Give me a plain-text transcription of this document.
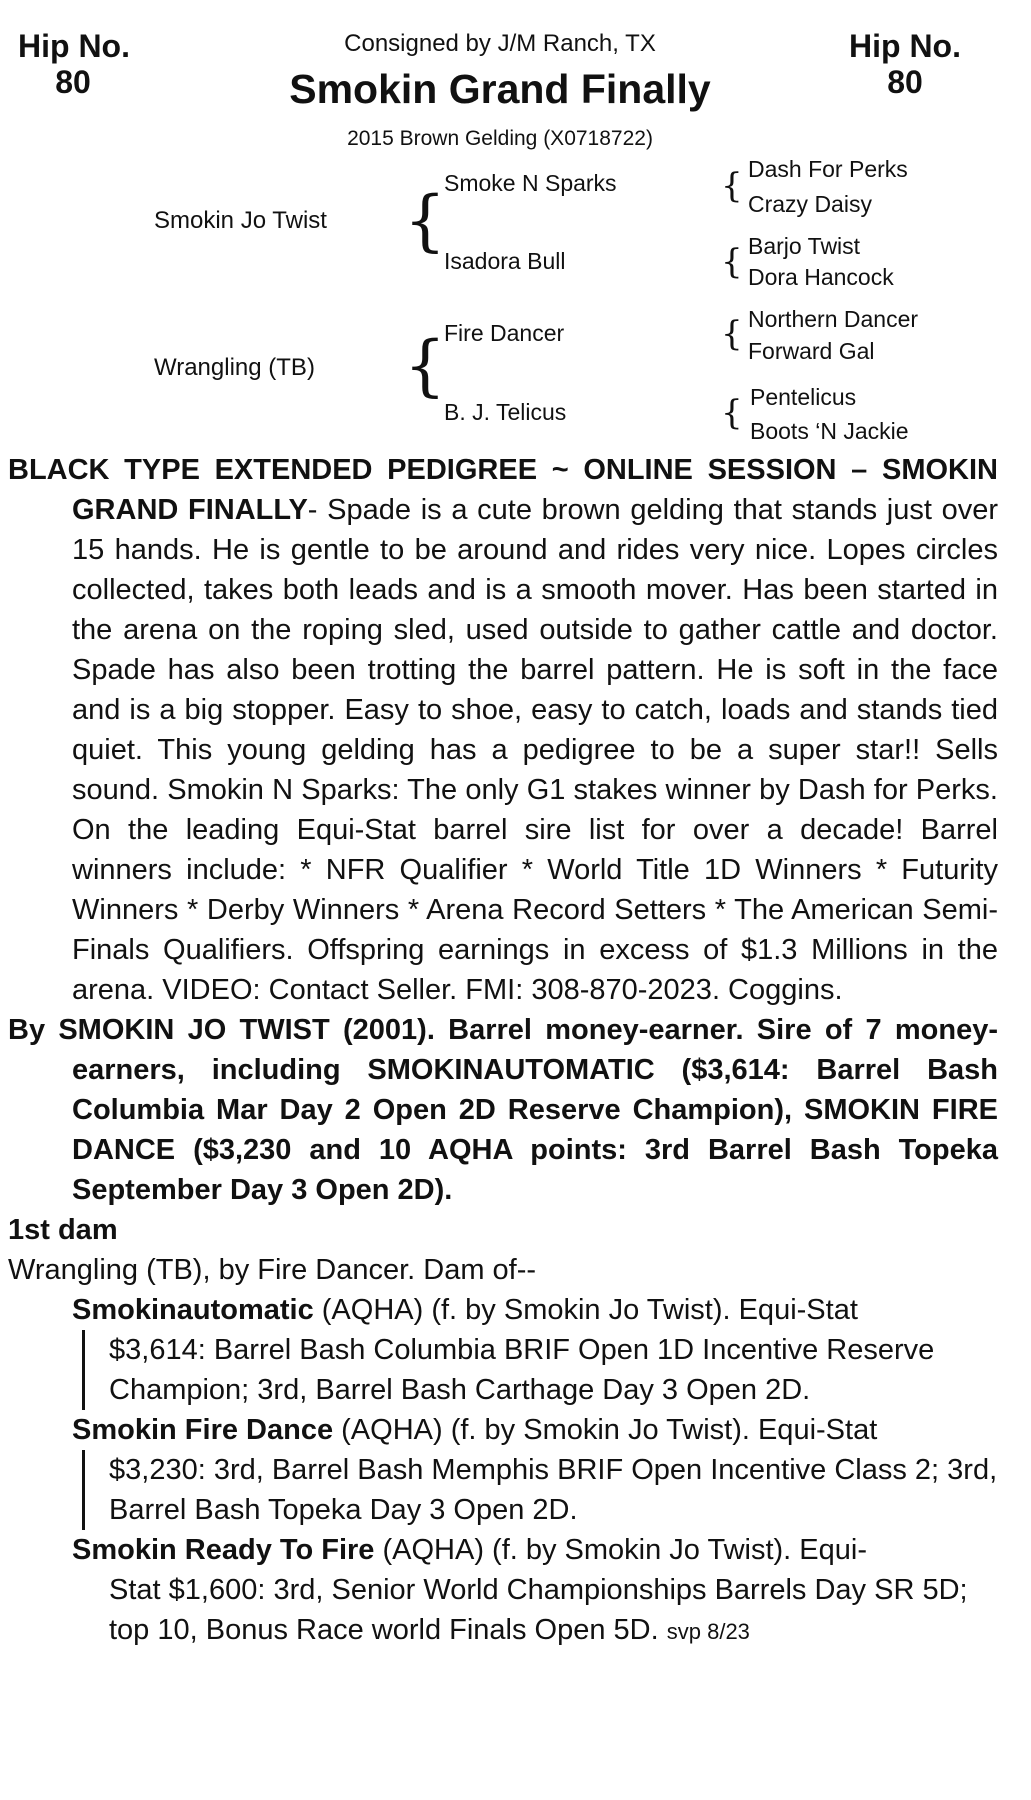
Hip No.
80
Hip No.
80
Consigned by J/M Ranch, TX
Smokin Grand Finally
2015 Brown Gelding (X0718722)
Smokin Jo Twist {
Wrangling (TB) {
Smoke N Sparks
Isadora Bull
Fire Dancer
B. J. Telicus
{ Dash For Perks
Crazy Daisy
{ Barjo Twist
Dora Hancock
{ Northern Dancer
Forward Gal
{ Pentelicus
Boots ‘N Jackie

BLACK TYPE EXTENDED PEDIGREE ~ ONLINE SESSION – SMOKIN GRAND FINALLY- Spade is a cute brown gelding that stands just over 15 hands. He is gentle to be around and rides very nice. Lopes circles collected, takes both leads and is a smooth mover. Has been started in the arena on the roping sled, used outside to gather cattle and doctor. Spade has also been trotting the barrel pattern. He is soft in the face and is a big stopper. Easy to shoe, easy to catch, loads and stands tied quiet. This young gelding has a pedigree to be a super star!! Sells sound. Smokin N Sparks: The only G1 stakes winner by Dash for Perks. On the leading Equi-Stat barrel sire list for over a decade! Barrel winners include: * NFR Qualifier * World Title 1D Winners * Futurity Winners * Derby Winners * Arena Record Setters * The American Semi-Finals Qualifiers. Offspring earnings in excess of $1.3 Millions in the arena. VIDEO: Contact Seller. FMI: 308-870-2023. Coggins.

By SMOKIN JO TWIST (2001). Barrel money-earner. Sire of 7 money-earners, including SMOKINAUTOMATIC ($3,614: Barrel Bash Columbia Mar Day 2 Open 2D Reserve Champion), SMOKIN FIRE DANCE ($3,230 and 10 AQHA points: 3rd Barrel Bash Topeka September Day 3 Open 2D).

1st dam
Wrangling (TB), by Fire Dancer. Dam of--
Smokinautomatic (AQHA) (f. by Smokin Jo Twist). Equi-Stat
$3,614: Barrel Bash Columbia BRIF Open 1D Incentive Reserve Champion; 3rd, Barrel Bash Carthage Day 3 Open 2D.
Smokin Fire Dance (AQHA) (f. by Smokin Jo Twist). Equi-Stat
$3,230: 3rd, Barrel Bash Memphis BRIF Open Incentive Class 2; 3rd, Barrel Bash Topeka Day 3 Open 2D.
Smokin Ready To Fire (AQHA) (f. by Smokin Jo Twist). Equi-
Stat $1,600: 3rd, Senior World Championships Barrels Day SR 5D; top 10, Bonus Race world Finals Open 5D. svp 8/23
